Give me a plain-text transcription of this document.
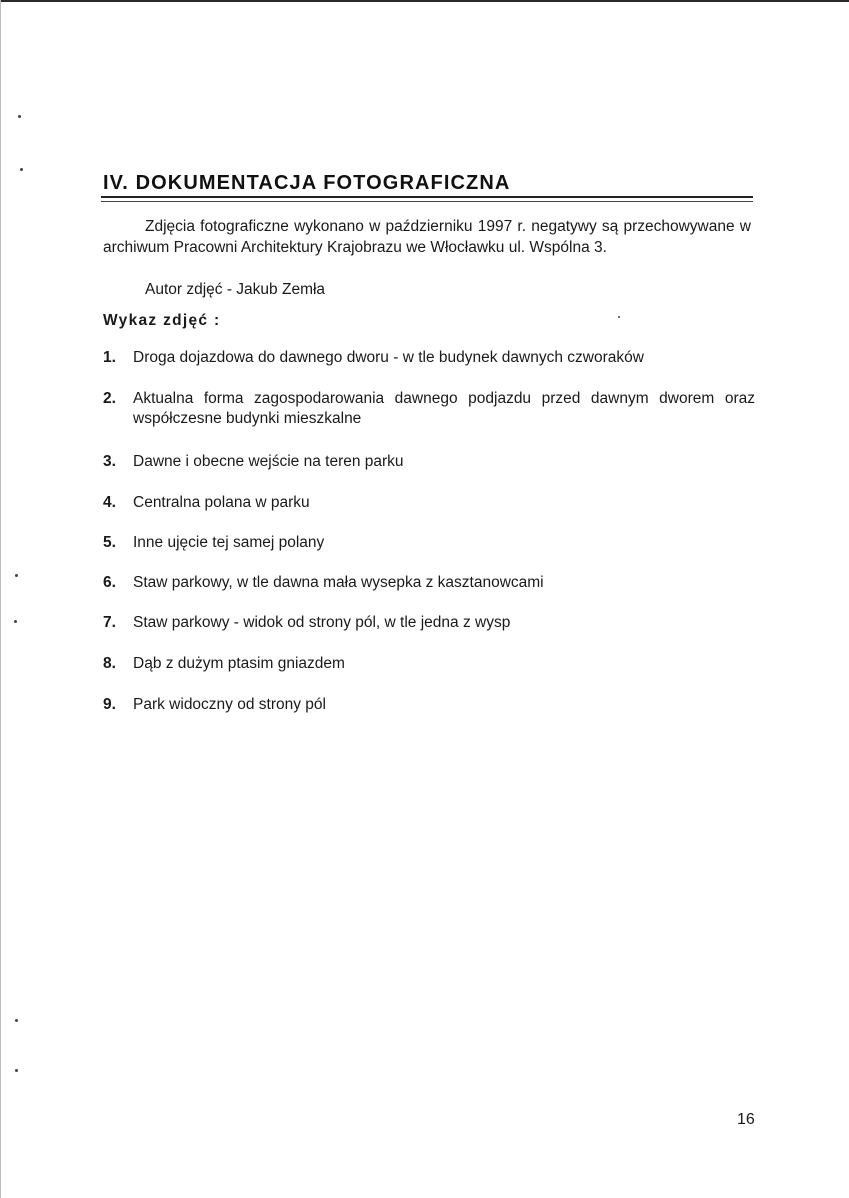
IV. DOKUMENTACJA FOTOGRAFICZNA

Zdjęcia fotograficzne wykonano w październiku 1997 r. negatywy są przechowywane w archiwum Pracowni Architektury Krajobrazu we Włocławku ul. Wspólna 3.

Autor zdjęć - Jakub Zemła
Wykaz zdjęć :
1. Droga dojazdowa do dawnego dworu - w tle budynek dawnych czworaków
2. Aktualna forma zagospodarowania dawnego podjazdu przed dawnym dworem oraz współczesne budynki mieszkalne
3. Dawne i obecne wejście na teren parku
4. Centralna polana w parku
5. Inne ujęcie tej samej polany
6. Staw parkowy, w tle dawna mała wysepka z kasztanowcami
7. Staw parkowy - widok od strony pól, w tle jedna z wysp
8. Dąb z dużym ptasim gniazdem
9. Park widoczny od strony pól
16
